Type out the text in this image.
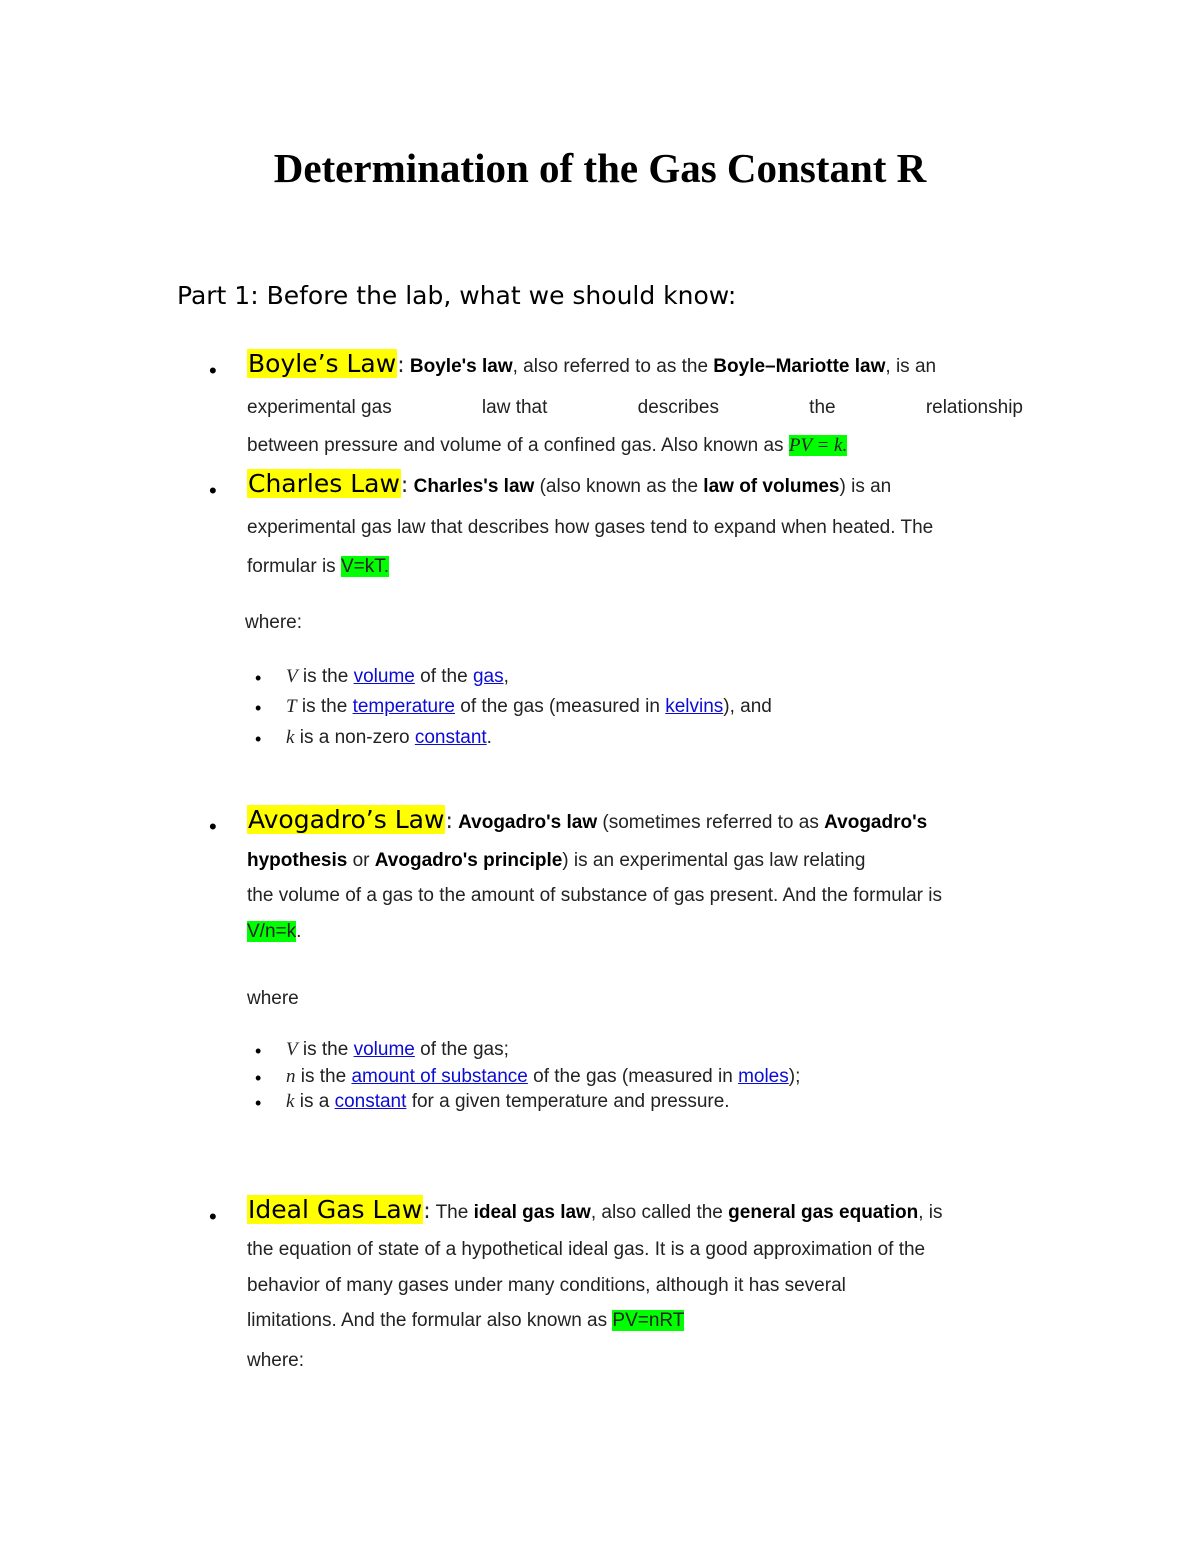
Determination of the Gas Constant R
Part 1: Before the lab, what we should know:
• Boyle’s Law: Boyle's law, also referred to as the Boyle–Mariotte law, is an
experimental gas	law that	describes	the	relationship
between pressure and volume of a confined gas. Also known as PV = k.
• Charles Law: Charles's law (also known as the law of volumes) is an
experimental gas law that describes how gases tend to expand when heated. The
formular is V=kT.
where:
• V is the volume of the gas,
• T is the temperature of the gas (measured in kelvins), and
• k is a non-zero constant.
• Avogadro’s Law: Avogadro's law (sometimes referred to as Avogadro's
hypothesis or Avogadro's principle) is an experimental gas law relating
the volume of a gas to the amount of substance of gas present. And the formular is
V/n=k.
where
• V is the volume of the gas;
• n is the amount of substance of the gas (measured in moles);
• k is a constant for a given temperature and pressure.
• Ideal Gas Law: The ideal gas law, also called the general gas equation, is
the equation of state of a hypothetical ideal gas. It is a good approximation of the
behavior of many gases under many conditions, although it has several
limitations. And the formular also known as PV=nRT
where:
